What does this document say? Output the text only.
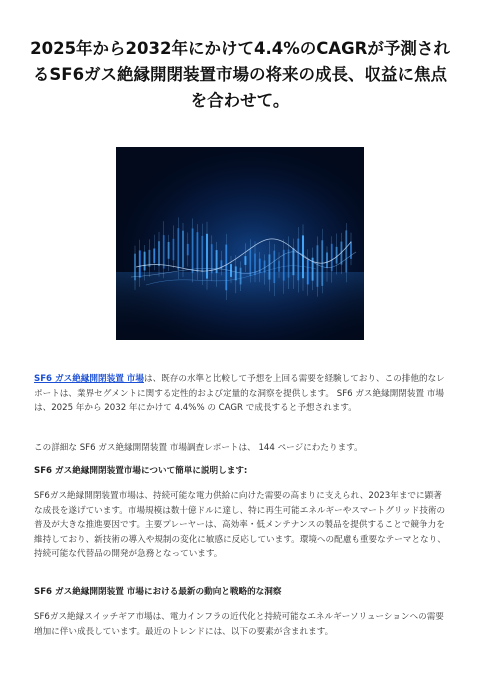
2025年から2032年にかけて4.4%のCAGRが予測されるSF6ガス絶縁開閉装置市場の将来の成長、収益に焦点を合わせて。

SF6 ガス絶縁開閉装置 市場は、既存の水準と比較して予想を上回る需要を経験しており、この排他的なレポートは、業界セグメントに関する定性的および定量的な洞察を提供します。 SF6 ガス絶縁開閉装置 市場は、2025 年から 2032 年にかけて 4.4%% の CAGR で成長すると予想されます。

この詳細な SF6 ガス絶縁開閉装置 市場調査レポートは、 144 ページにわたります。

SF6 ガス絶縁開閉装置市場について簡単に説明します:

SF6ガス絶縁開閉装置市場は、持続可能な電力供給に向けた需要の高まりに支えられ、2023年までに顕著な成長を遂げています。市場規模は数十億ドルに達し、特に再生可能エネルギーやスマートグリッド技術の普及が大きな推進要因です。主要プレーヤーは、高効率・低メンテナンスの製品を提供することで競争力を維持しており、新技術の導入や規制の変化に敏感に反応しています。環境への配慮も重要なテーマとなり、持続可能な代替品の開発が急務となっています。

SF6 ガス絶縁開閉装置 市場における最新の動向と戦略的な洞察

SF6ガス絶縁スイッチギア市場は、電力インフラの近代化と持続可能なエネルギーソリューションへの需要増加に伴い成長しています。最近のトレンドには、以下の要素が含まれます。
